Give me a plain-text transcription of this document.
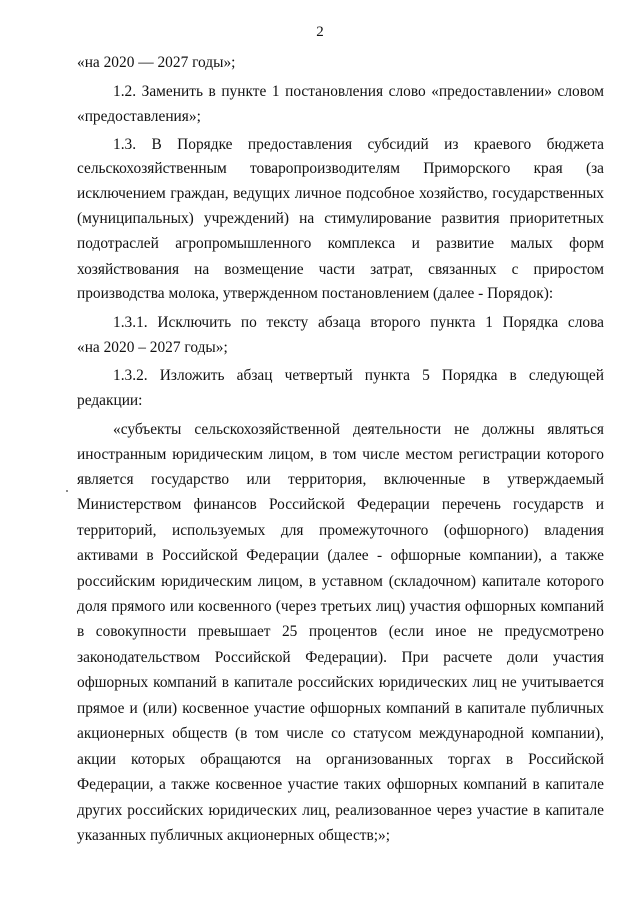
2
«на 2020 — 2027 годы»;
1.2. Заменить в пункте 1 постановления слово «предоставлении» словом
«предоставления»;
1.3. В Порядке предоставления субсидий из краевого бюджета
сельскохозяйственным товаропроизводителям Приморского края (за
исключением граждан, ведущих личное подсобное хозяйство, государственных
(муниципальных) учреждений) на стимулирование развития приоритетных
подотраслей агропромышленного комплекса и развитие малых форм
хозяйствования на возмещение части затрат, связанных с приростом
производства молока, утвержденном постановлением (далее - Порядок):
1.3.1. Исключить по тексту абзаца второго пункта 1 Порядка слова
«на 2020 – 2027 годы»;
1.3.2. Изложить абзац четвертый пункта 5 Порядка в следующей
редакции:
«субъекты сельскохозяйственной деятельности не должны являться
иностранным юридическим лицом, в том числе местом регистрации которого
является государство или территория, включенные в утверждаемый
Министерством финансов Российской Федерации перечень государств и
территорий, используемых для промежуточного (офшорного) владения
активами в Российской Федерации (далее - офшорные компании), а также
российским юридическим лицом, в уставном (складочном) капитале которого
доля прямого или косвенного (через третьих лиц) участия офшорных компаний
в совокупности превышает 25 процентов (если иное не предусмотрено
законодательством Российской Федерации). При расчете доли участия
офшорных компаний в капитале российских юридических лиц не учитывается
прямое и (или) косвенное участие офшорных компаний в капитале публичных
акционерных обществ (в том числе со статусом международной компании),
акции которых обращаются на организованных торгах в Российской
Федерации, а также косвенное участие таких офшорных компаний в капитале
других российских юридических лиц, реализованное через участие в капитале
указанных публичных акционерных обществ;»;
